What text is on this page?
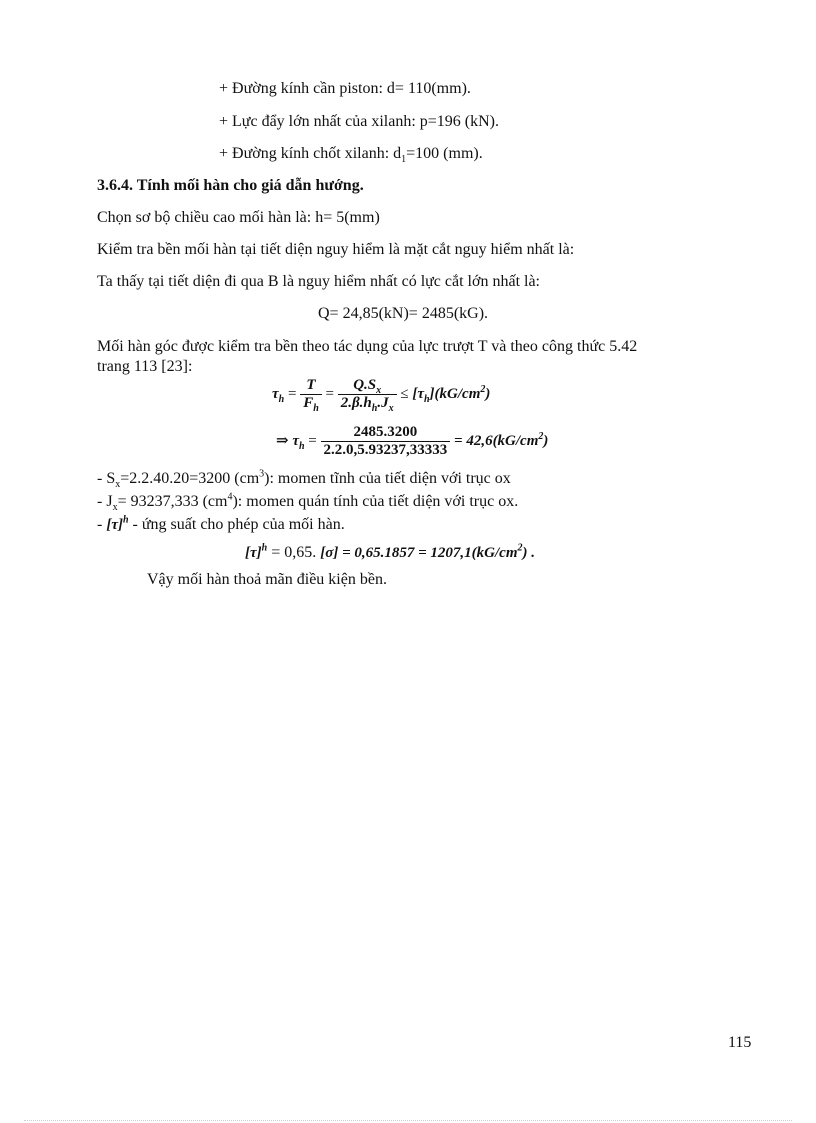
+ Đường kính cần piston: d= 110(mm).
+ Lực đẩy lớn nhất của xilanh: p=196 (kN).
+ Đường kính chốt xilanh: $d_1=100$ (mm).
3.6.4. Tính mối hàn cho giá dẫn hướng.
Chọn sơ bộ chiều cao mối hàn là: h= 5(mm)
Kiểm tra bền mối hàn tại tiết diện nguy hiểm là mặt cắt nguy hiểm nhất là:
Ta thấy tại tiết diện đi qua B là nguy hiểm nhất có lực cắt lớn nhất là:
Q= 24,85(kN)= 2485(kG).
Mối hàn góc được kiểm tra bền theo tác dụng của lực trượt T và theo công thức 5.42
trang 113 [23]:
$\tau_h = \frac{T}{F_h} = \frac{Q.S_x}{2.\beta.h_h.J_x} \le [\tau_h](kG/cm^2)$
⇒ $\tau_h = \frac{2485.3200}{2.2.0,5.93237,33333} = 42,6(kG/cm^2)$
- $S_x=2.2.40.20=3200$ $(cm^3)$: momen tĩnh của tiết diện với trục ox
- $J_x= 93237,333$ $(cm^4)$: momen quán tính của tiết diện với trục ox.
- $[\tau]^h$ - ứng suất cho phép của mối hàn.
$[\tau]^h = 0,65$. $[\sigma] = 0,65.1857 = 1207,1(kG/cm^2)$ .
Vậy mối hàn thoả mãn điều kiện bền.
115
